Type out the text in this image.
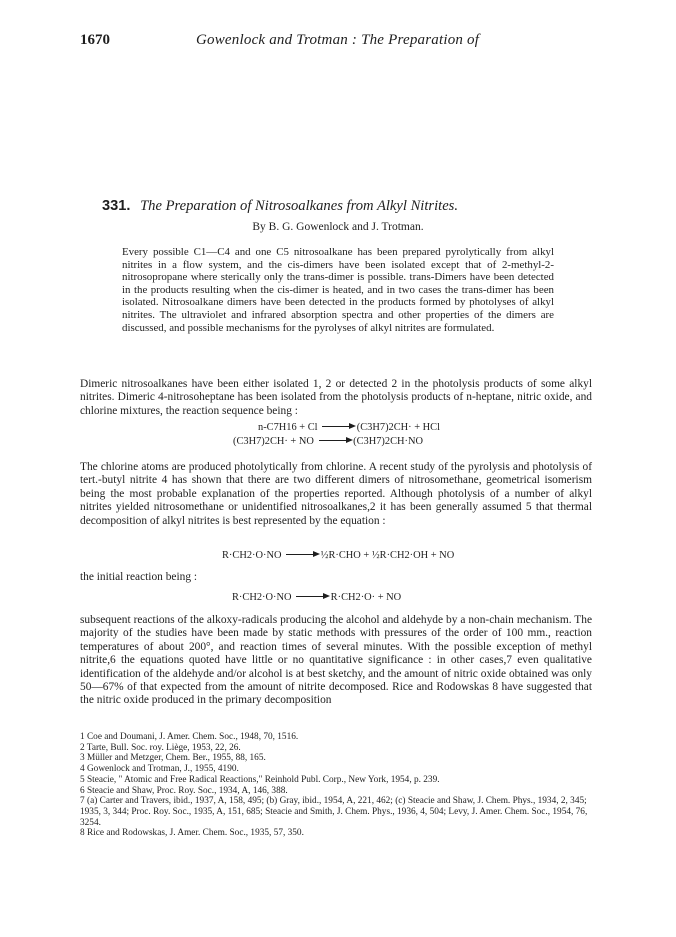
1670	Gowenlock and Trotman : The Preparation of
331. The Preparation of Nitrosoalkanes from Alkyl Nitrites.
By B. G. Gowenlock and J. Trotman.
Every possible C1—C4 and one C5 nitrosoalkane has been prepared pyrolytically from alkyl nitrites in a flow system, and the cis-dimers have been isolated except that of 2-methyl-2-nitrosopropane where sterically only the trans-dimer is possible. trans-Dimers have been detected in the products resulting when the cis-dimer is heated, and in two cases the trans-dimer has been isolated. Nitrosoalkane dimers have been detected in the products formed by photolyses of alkyl nitrites. The ultraviolet and infrared absorption spectra and other properties of the dimers are discussed, and possible mechanisms for the pyrolyses of alkyl nitrites are formulated.
Dimeric nitrosoalkanes have been either isolated 1, 2 or detected 2 in the photolysis products of some alkyl nitrites. Dimeric 4-nitrosoheptane has been isolated from the photolysis products of n-heptane, nitric oxide, and chlorine mixtures, the reaction sequence being :
n-C7H16 + Cl	(C3H7)2CH· + HCl
(C3H7)2CH· + NO	(C3H7)2CH·NO
The chlorine atoms are produced photolytically from chlorine. A recent study of the pyrolysis and photolysis of tert.-butyl nitrite 4 has shown that there are two different dimers of nitrosomethane, geometrical isomerism being the most probable explanation of the properties reported. Although photolysis of a number of alkyl nitrites yielded nitrosomethane or unidentified nitrosoalkanes,2 it has been generally assumed 5 that thermal decomposition of alkyl nitrites is best represented by the equation :
R·CH2·O·NO	½R·CHO + ½R·CH2·OH + NO
the initial reaction being :
R·CH2·O·NO	R·CH2·O· + NO
subsequent reactions of the alkoxy-radicals producing the alcohol and aldehyde by a non-chain mechanism. The majority of the studies have been made by static methods with pressures of the order of 100 mm., reaction temperatures of about 200°, and reaction times of several minutes. With the possible exception of methyl nitrite,6 the equations quoted have little or no quantitative significance : in other cases,7 even qualitative identification of the aldehyde and/or alcohol is at best sketchy, and the amount of nitric oxide obtained was only 50—67% of that expected from the amount of nitrite decomposed. Rice and Rodowskas 8 have suggested that the nitric oxide produced in the primary decomposition
1 Coe and Doumani, J. Amer. Chem. Soc., 1948, 70, 1516.
2 Tarte, Bull. Soc. roy. Liège, 1953, 22, 26.
3 Müller and Metzger, Chem. Ber., 1955, 88, 165.
4 Gowenlock and Trotman, J., 1955, 4190.
5 Steacie, " Atomic and Free Radical Reactions," Reinhold Publ. Corp., New York, 1954, p. 239.
6 Steacie and Shaw, Proc. Roy. Soc., 1934, A, 146, 388.
7 (a) Carter and Travers, ibid., 1937, A, 158, 495; (b) Gray, ibid., 1954, A, 221, 462; (c) Steacie and Shaw, J. Chem. Phys., 1934, 2, 345; 1935, 3, 344; Proc. Roy. Soc., 1935, A, 151, 685; Steacie and Smith, J. Chem. Phys., 1936, 4, 504; Levy, J. Amer. Chem. Soc., 1954, 76, 3254.
8 Rice and Rodowskas, J. Amer. Chem. Soc., 1935, 57, 350.
